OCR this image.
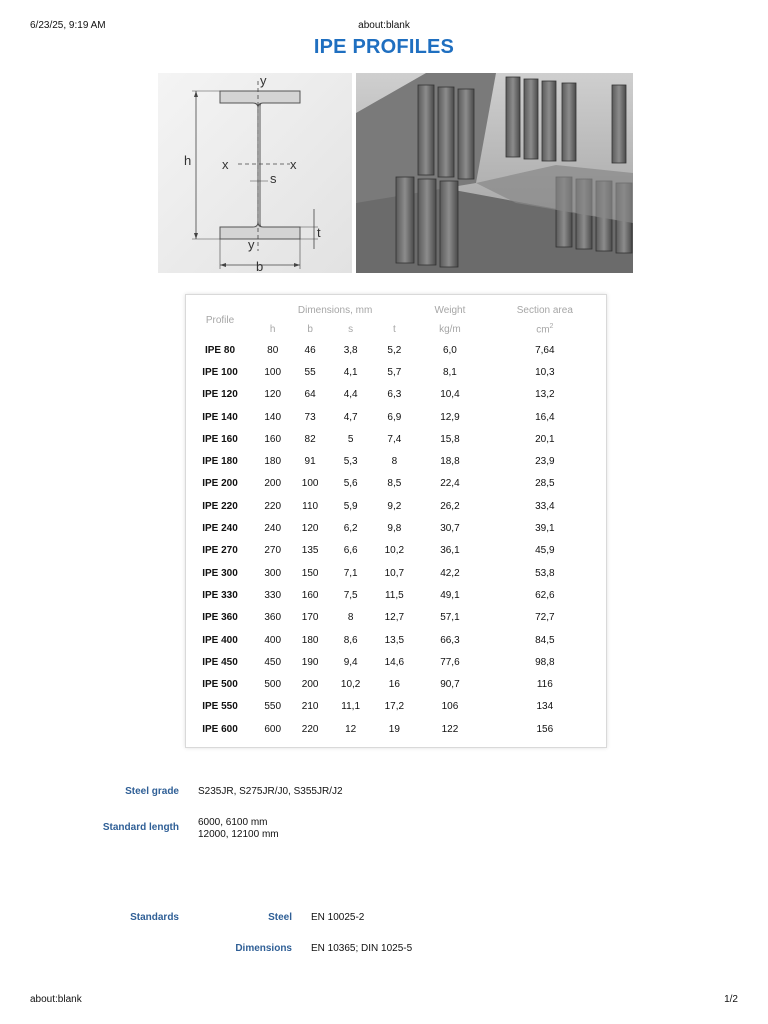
6/23/25, 9:19 AM	about:blank
IPE PROFILES
h x	x
s
y
y
t
b
Profile	Dimensions, mm				Weight	Section area
	h	b	s	t	kg/m	$cm^2$
IPE 80	80	46	3,8	5,2	6,0	7,64
IPE 100	100	55	4,1	5,7	8,1	10,3
IPE 120	120	64	4,4	6,3	10,4	13,2
IPE 140	140	73	4,7	6,9	12,9	16,4
IPE 160	160	82	5	7,4	15,8	20,1
IPE 180	180	91	5,3	8	18,8	23,9
IPE 200	200	100	5,6	8,5	22,4	28,5
IPE 220	220	110	5,9	9,2	26,2	33,4
IPE 240	240	120	6,2	9,8	30,7	39,1
IPE 270	270	135	6,6	10,2	36,1	45,9
IPE 300	300	150	7,1	10,7	42,2	53,8
IPE 330	330	160	7,5	11,5	49,1	62,6
IPE 360	360	170	8	12,7	57,1	72,7
IPE 400	400	180	8,6	13,5	66,3	84,5
IPE 450	450	190	9,4	14,6	77,6	98,8
IPE 500	500	200	10,2	16	90,7	116
IPE 550	550	210	11,1	17,2	106	134
IPE 600	600	220	12	19	122	156
Steel grade S235JR, S275JR/J0, S355JR/J2
Standard length 6000, 6100 mm
12000, 12100 mm
Standards	Steel EN 10025-2
Dimensions EN 10365; DIN 1025-5
about:blank	1/2
